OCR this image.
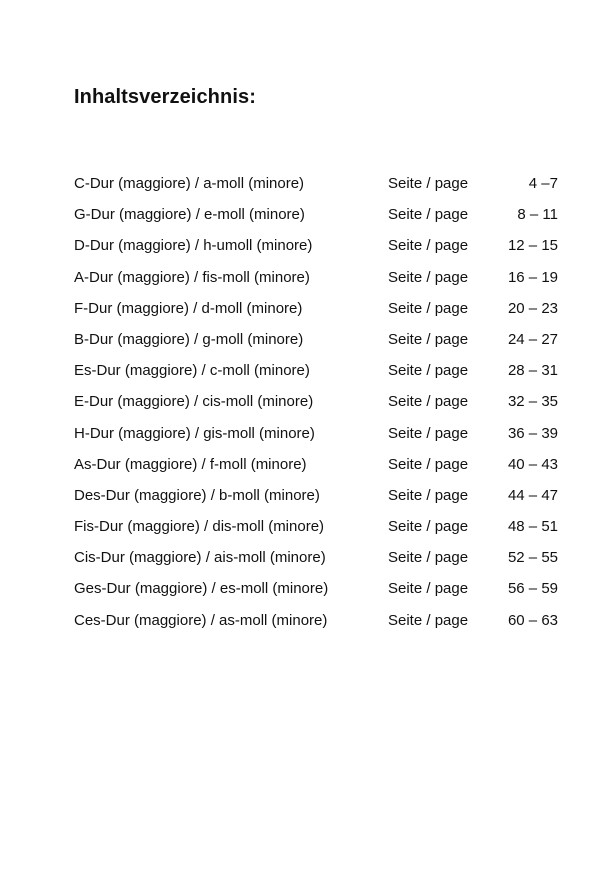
Inhaltsverzeichnis:
C-Dur (maggiore) / a-moll (minore)	Seite / page	4 –7
G-Dur (maggiore) / e-moll (minore)	Seite / page	8 – 11
D-Dur (maggiore) / h-umoll (minore)	Seite / page	12 – 15
A-Dur (maggiore) / fis-moll (minore)	Seite / page	16 – 19
F-Dur (maggiore) / d-moll (minore)	Seite / page	20 – 23
B-Dur (maggiore) / g-moll (minore)	Seite / page	24 – 27
Es-Dur (maggiore) / c-moll (minore)	Seite / page	28 – 31
E-Dur (maggiore) / cis-moll (minore)	Seite / page	32 – 35
H-Dur (maggiore) / gis-moll (minore)	Seite / page	36 – 39
As-Dur (maggiore) / f-moll (minore)	Seite / page	40 – 43
Des-Dur (maggiore) / b-moll (minore)	Seite / page	44 – 47
Fis-Dur (maggiore) / dis-moll (minore)	Seite / page	48 – 51
Cis-Dur (maggiore) / ais-moll (minore)	Seite / page	52 – 55
Ges-Dur (maggiore) / es-moll (minore)	Seite / page	56 – 59
Ces-Dur (maggiore) / as-moll (minore)	Seite / page	60 – 63
